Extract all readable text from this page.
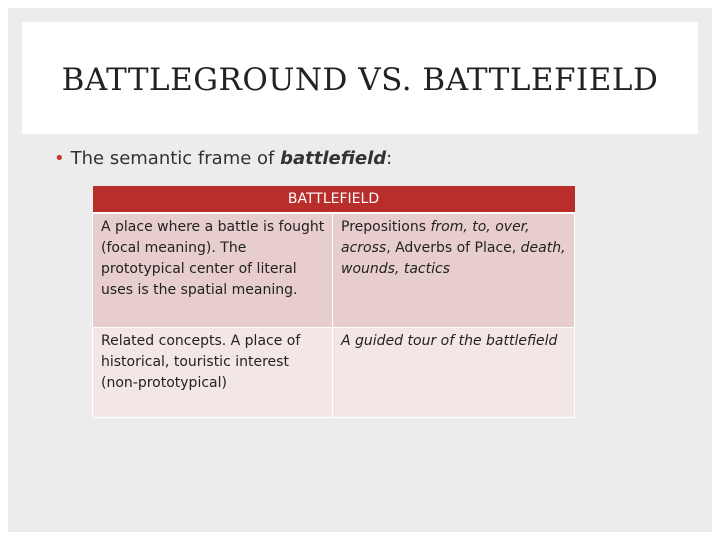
BATTLEGROUND VS. BATTLEFIELD
• The semantic frame of battlefield:
BATTLEFIELD	
A place where a battle is fought (focal meaning). The prototypical center of literal uses is the spatial meaning.	Prepositions from, to, over, across, Adverbs of Place, death, wounds, tactics
Related concepts. A place of historical, touristic interest (non-prototypical)	A guided tour of the battlefield
